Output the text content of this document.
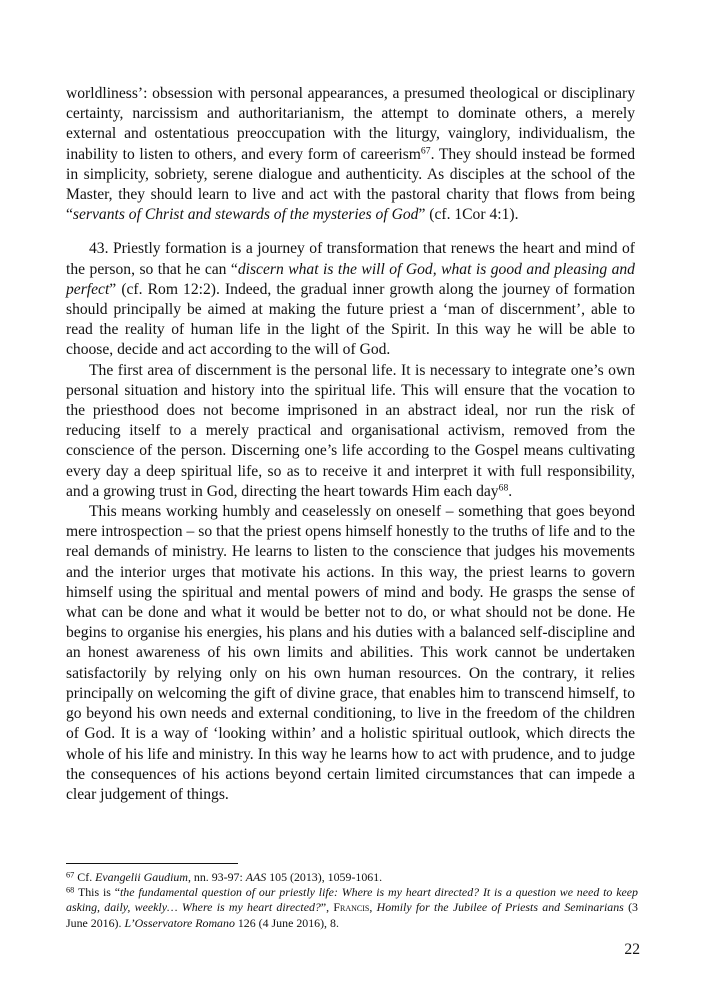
worldliness’: obsession with personal appearances, a presumed theological or disciplinary certainty, narcissism and authoritarianism, the attempt to dominate others, a merely external and ostentatious preoccupation with the liturgy, vainglory, individualism, the inability to listen to others, and every form of careerism$^{67}$. They should instead be formed in simplicity, sobriety, serene dialogue and authenticity. As disciples at the school of the Master, they should learn to live and act with the pastoral charity that flows from being “servants of Christ and stewards of the mysteries of God” (cf. 1Cor 4:1).

43. Priestly formation is a journey of transformation that renews the heart and mind of the person, so that he can “discern what is the will of God, what is good and pleasing and perfect” (cf. Rom 12:2). Indeed, the gradual inner growth along the journey of formation should principally be aimed at making the future priest a ‘man of discernment’, able to read the reality of human life in the light of the Spirit. In this way he will be able to choose, decide and act according to the will of God.

The first area of discernment is the personal life. It is necessary to integrate one’s own personal situation and history into the spiritual life. This will ensure that the vocation to the priesthood does not become imprisoned in an abstract ideal, nor run the risk of reducing itself to a merely practical and organisational activism, removed from the conscience of the person. Discerning one’s life according to the Gospel means cultivating every day a deep spiritual life, so as to receive it and interpret it with full responsibility, and a growing trust in God, directing the heart towards Him each day$^{68}$.

This means working humbly and ceaselessly on oneself – something that goes beyond mere introspection – so that the priest opens himself honestly to the truths of life and to the real demands of ministry. He learns to listen to the conscience that judges his movements and the interior urges that motivate his actions. In this way, the priest learns to govern himself using the spiritual and mental powers of mind and body. He grasps the sense of what can be done and what it would be better not to do, or what should not be done. He begins to organise his energies, his plans and his duties with a balanced self-discipline and an honest awareness of his own limits and abilities. This work cannot be undertaken satisfactorily by relying only on his own human resources. On the contrary, it relies principally on welcoming the gift of divine grace, that enables him to transcend himself, to go beyond his own needs and external conditioning, to live in the freedom of the children of God. It is a way of ‘looking within’ and a holistic spiritual outlook, which directs the whole of his life and ministry. In this way he learns how to act with prudence, and to judge the consequences of his actions beyond certain limited circumstances that can impede a clear judgement of things.

$^{67}$ Cf. Evangelii Gaudium, nn. 93-97: AAS 105 (2013), 1059-1061.

$^{68}$ This is “the fundamental question of our priestly life: Where is my heart directed? It is a question we need to keep asking, daily, weekly… Where is my heart directed?”, Francis, Homily for the Jubilee of Priests and Seminarians (3 June 2016). L’Osservatore Romano 126 (4 June 2016), 8.

22
